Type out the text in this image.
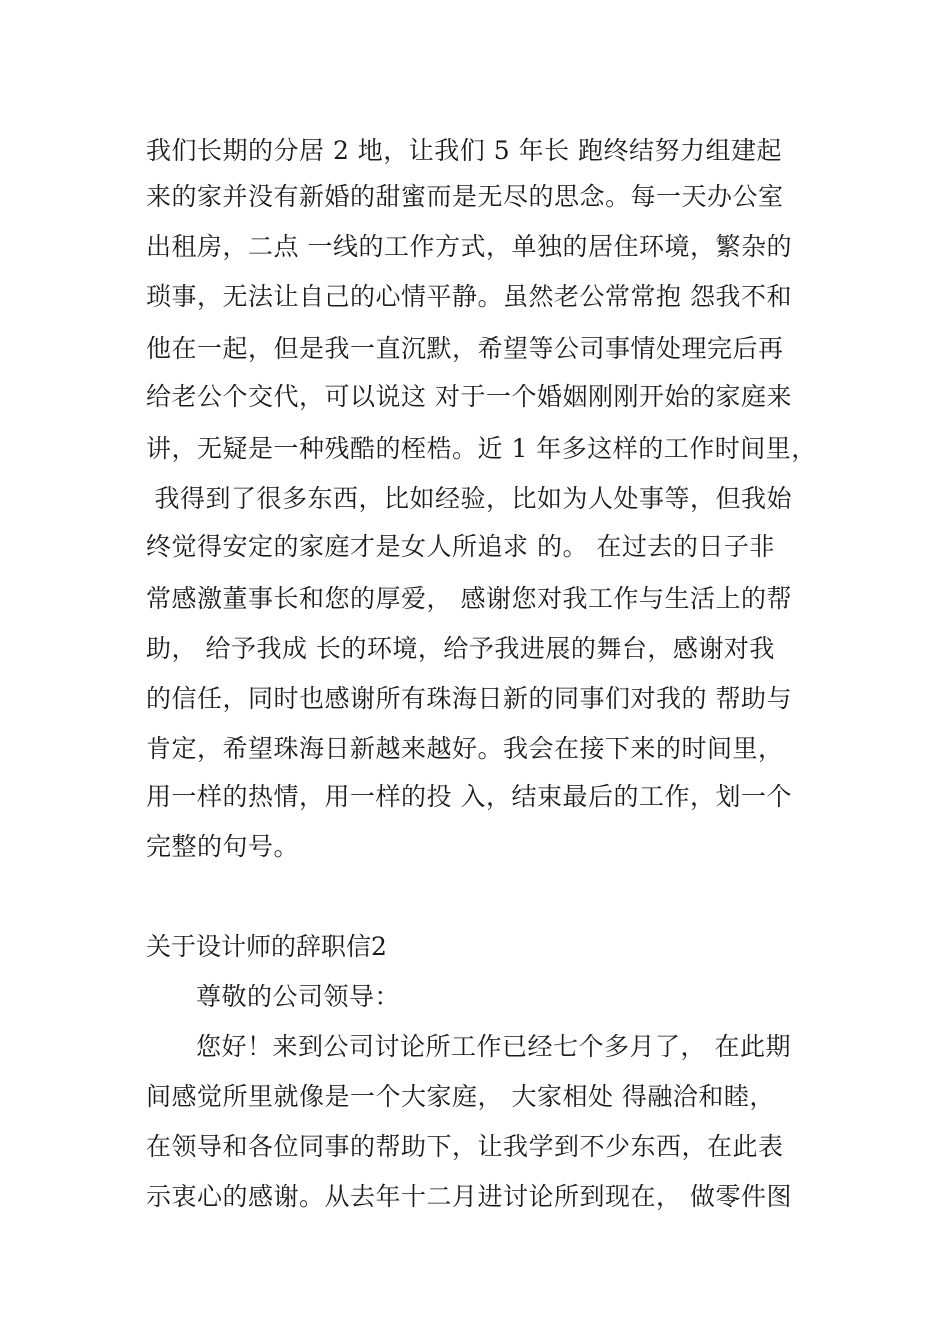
我们长期的分居 2 地，让我们 5 年长 跑终结努力组建起
来的家并没有新婚的甜蜜而是无尽的思念。每一天办公室
出租房，二点 一线的工作方式，单独的居住环境，繁杂的
琐事，无法让自己的心情平静。虽然老公常常抱 怨我不和
他在一起，但是我一直沉默，希望等公司事情处理完后再
给老公个交代，可以说这 对于一个婚姻刚刚开始的家庭来
讲，无疑是一种残酷的桎梏。近 1 年多这样的工作时间里，
我得到了很多东西，比如经验，比如为人处事等，但我始
终觉得安定的家庭才是女人所追求 的。 在过去的日子非
常感激董事长和您的厚爱， 感谢您对我工作与生活上的帮
助， 给予我成 长的环境，给予我进展的舞台，感谢对我
的信任，同时也感谢所有珠海日新的同事们对我的 帮助与
肯定，希望珠海日新越来越好。我会在接下来的时间里，
用一样的热情，用一样的投 入，结束最后的工作，划一个
完整的句号。
关于设计师的辞职信2
尊敬的公司领导：
您好！来到公司讨论所工作已经七个多月了， 在此期
间感觉所里就像是一个大家庭， 大家相处 得融洽和睦，
在领导和各位同事的帮助下，让我学到不少东西，在此表
示衷心的感谢。从去年十二月进讨论所到现在， 做零件图
